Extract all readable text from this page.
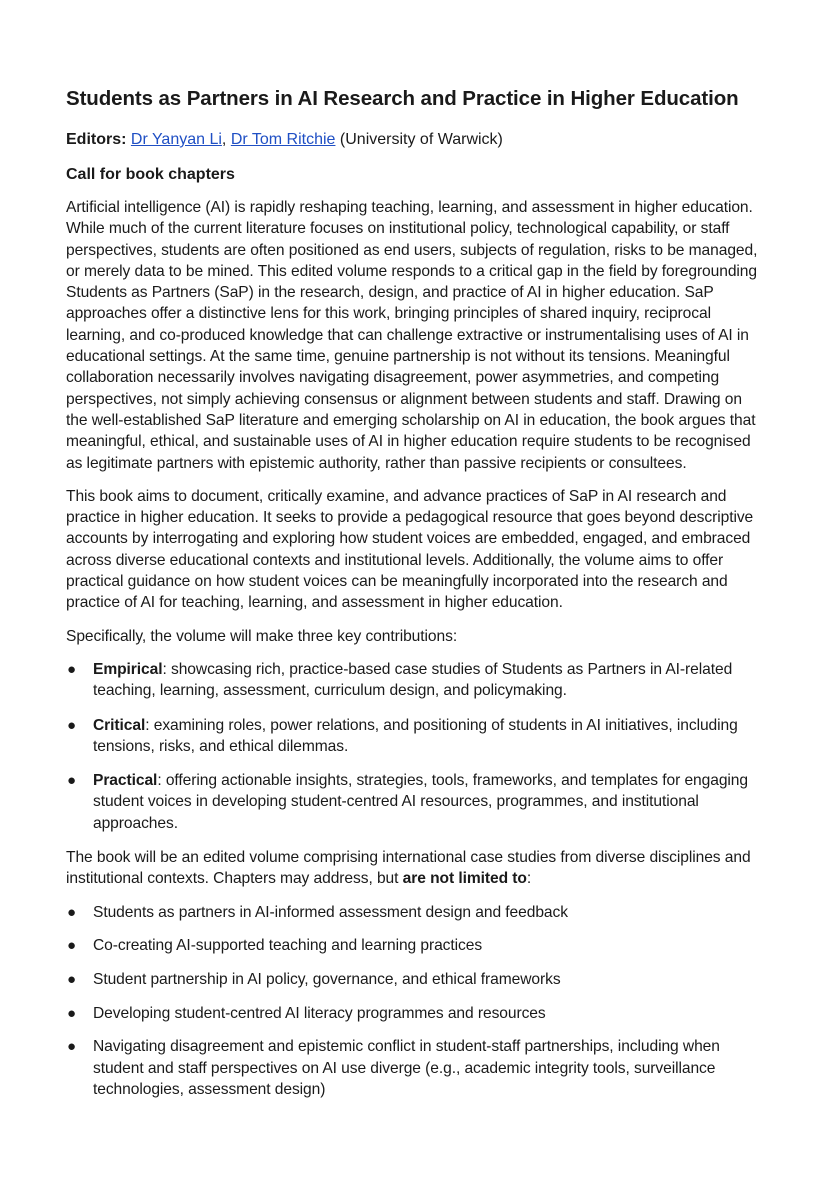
Students as Partners in AI Research and Practice in Higher Education

Editors: Dr Yanyan Li, Dr Tom Ritchie (University of Warwick)

Call for book chapters

Artificial intelligence (AI) is rapidly reshaping teaching, learning, and assessment in higher education. While much of the current literature focuses on institutional policy, technological capability, or staff perspectives, students are often positioned as end users, subjects of regulation, risks to be managed, or merely data to be mined. This edited volume responds to a critical gap in the field by foregrounding Students as Partners (SaP) in the research, design, and practice of AI in higher education. SaP approaches offer a distinctive lens for this work, bringing principles of shared inquiry, reciprocal learning, and co-produced knowledge that can challenge extractive or instrumentalising uses of AI in educational settings. At the same time, genuine partnership is not without its tensions. Meaningful collaboration necessarily involves navigating disagreement, power asymmetries, and competing perspectives, not simply achieving consensus or alignment between students and staff. Drawing on the well-established SaP literature and emerging scholarship on AI in education, the book argues that meaningful, ethical, and sustainable uses of AI in higher education require students to be recognised as legitimate partners with epistemic authority, rather than passive recipients or consultees.

This book aims to document, critically examine, and advance practices of SaP in AI research and practice in higher education. It seeks to provide a pedagogical resource that goes beyond descriptive accounts by interrogating and exploring how student voices are embedded, engaged, and embraced across diverse educational contexts and institutional levels. Additionally, the volume aims to offer practical guidance on how student voices can be meaningfully incorporated into the research and practice of AI for teaching, learning, and assessment in higher education.

Specifically, the volume will make three key contributions:

● Empirical: showcasing rich, practice-based case studies of Students as Partners in AI-related teaching, learning, assessment, curriculum design, and policymaking.
● Critical: examining roles, power relations, and positioning of students in AI initiatives, including tensions, risks, and ethical dilemmas.
● Practical: offering actionable insights, strategies, tools, frameworks, and templates for engaging student voices in developing student-centred AI resources, programmes, and institutional approaches.

The book will be an edited volume comprising international case studies from diverse disciplines and institutional contexts. Chapters may address, but are not limited to:

● Students as partners in AI-informed assessment design and feedback
● Co-creating AI-supported teaching and learning practices
● Student partnership in AI policy, governance, and ethical frameworks
● Developing student-centred AI literacy programmes and resources
● Navigating disagreement and epistemic conflict in student-staff partnerships, including when student and staff perspectives on AI use diverge (e.g., academic integrity tools, surveillance technologies, assessment design)
